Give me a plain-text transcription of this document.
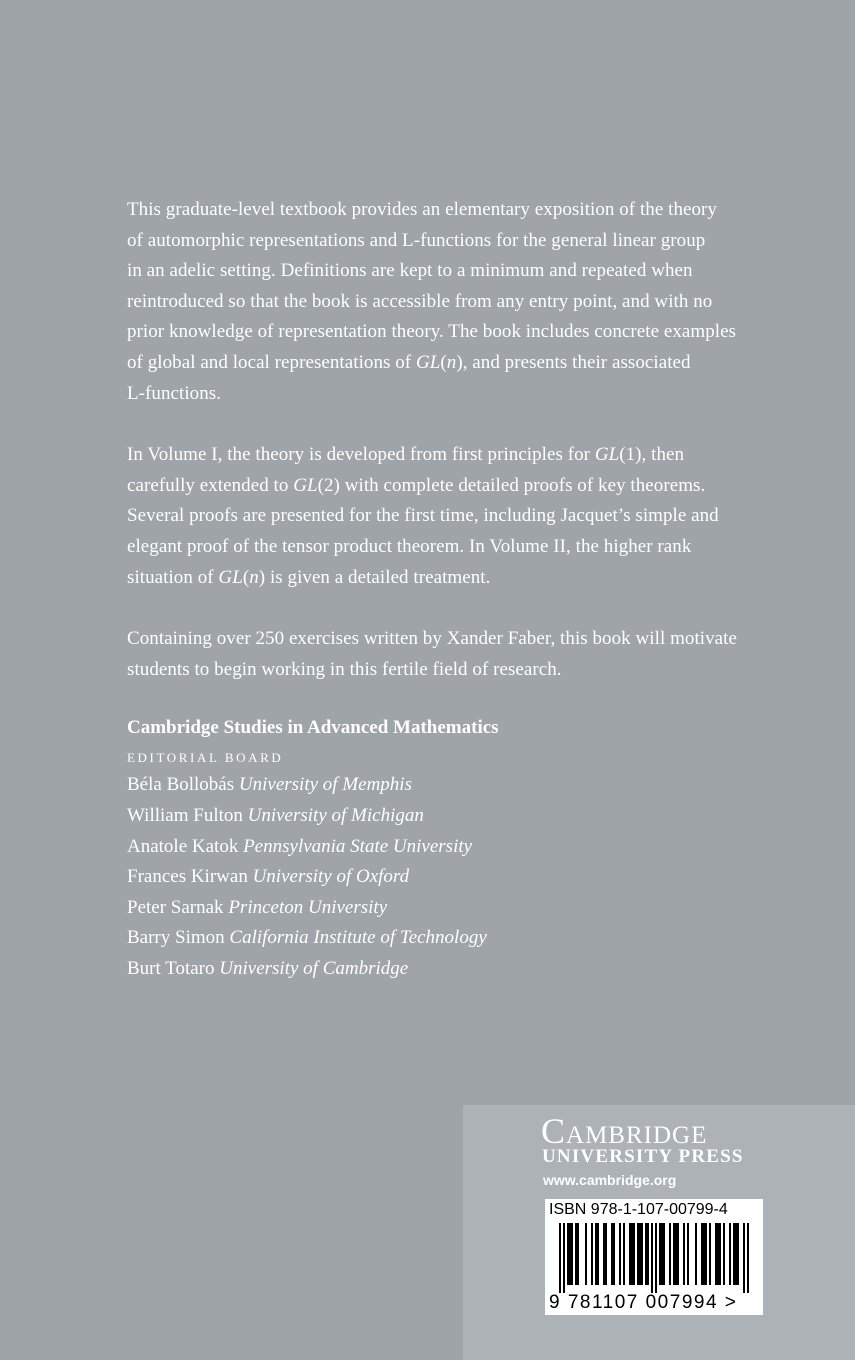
This graduate-level textbook provides an elementary exposition of the theory
of automorphic representations and L-functions for the general linear group
in an adelic setting. Definitions are kept to a minimum and repeated when
reintroduced so that the book is accessible from any entry point, and with no
prior knowledge of representation theory. The book includes concrete examples
of global and local representations of GL(n), and presents their associated
L-functions.

In Volume I, the theory is developed from first principles for GL(1), then
carefully extended to GL(2) with complete detailed proofs of key theorems.
Several proofs are presented for the first time, including Jacquet’s simple and
elegant proof of the tensor product theorem. In Volume II, the higher rank
situation of GL(n) is given a detailed treatment.

Containing over 250 exercises written by Xander Faber, this book will motivate
students to begin working in this fertile field of research.

Cambridge Studies in Advanced Mathematics
EDITORIAL BOARD
Béla Bollobás University of Memphis
William Fulton University of Michigan
Anatole Katok Pennsylvania State University
Frances Kirwan University of Oxford
Peter Sarnak Princeton University
Barry Simon California Institute of Technology
Burt Totaro University of Cambridge
Cambridge
UNIVERSITY PRESS
www.cambridge.org
ISBN 978-1-107-00799-4
9 781107 007994 >
